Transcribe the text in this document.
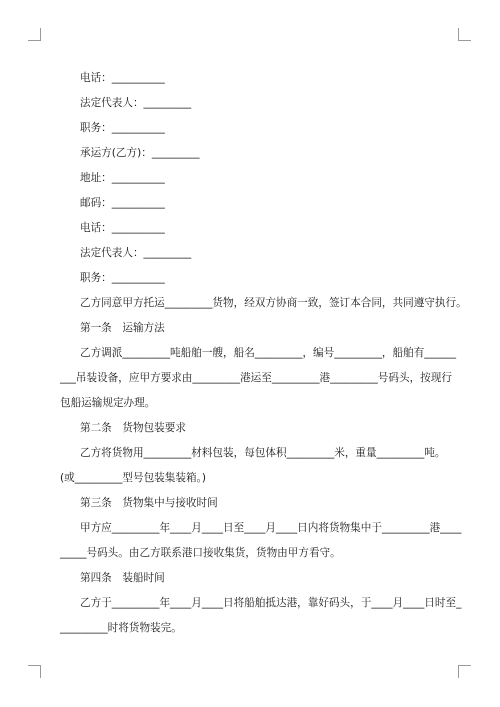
电话：__________
法定代表人：_________
职务：__________
承运方(乙方)：_________
地址：__________
邮码：__________
电话：__________
法定代表人：_________
职务：__________
乙方同意甲方托运_________货物，经双方协商一致，签订本合同，共同遵守执行。
第一条　运输方法
乙方调派_________吨船舶一艘，船名_________，编号_________，船舶有______
___吊装设备，应甲方要求由_________港运至_________港_________号码头，按现行
包船运输规定办理。
第二条　货物包装要求
乙方将货物用_________材料包装，每包体积_________米，重量_________吨。
(或_________型号包装集装箱。)
第三条　货物集中与接收时间
甲方应_________年____月____日至____月____日内将货物集中于_________港____
_____号码头。由乙方联系港口接收集货，货物由甲方看守。
第四条　装船时间
乙方于_________年____月____日将船舶抵达港，靠好码头，于____月____日时至_
_________时将货物装完。
